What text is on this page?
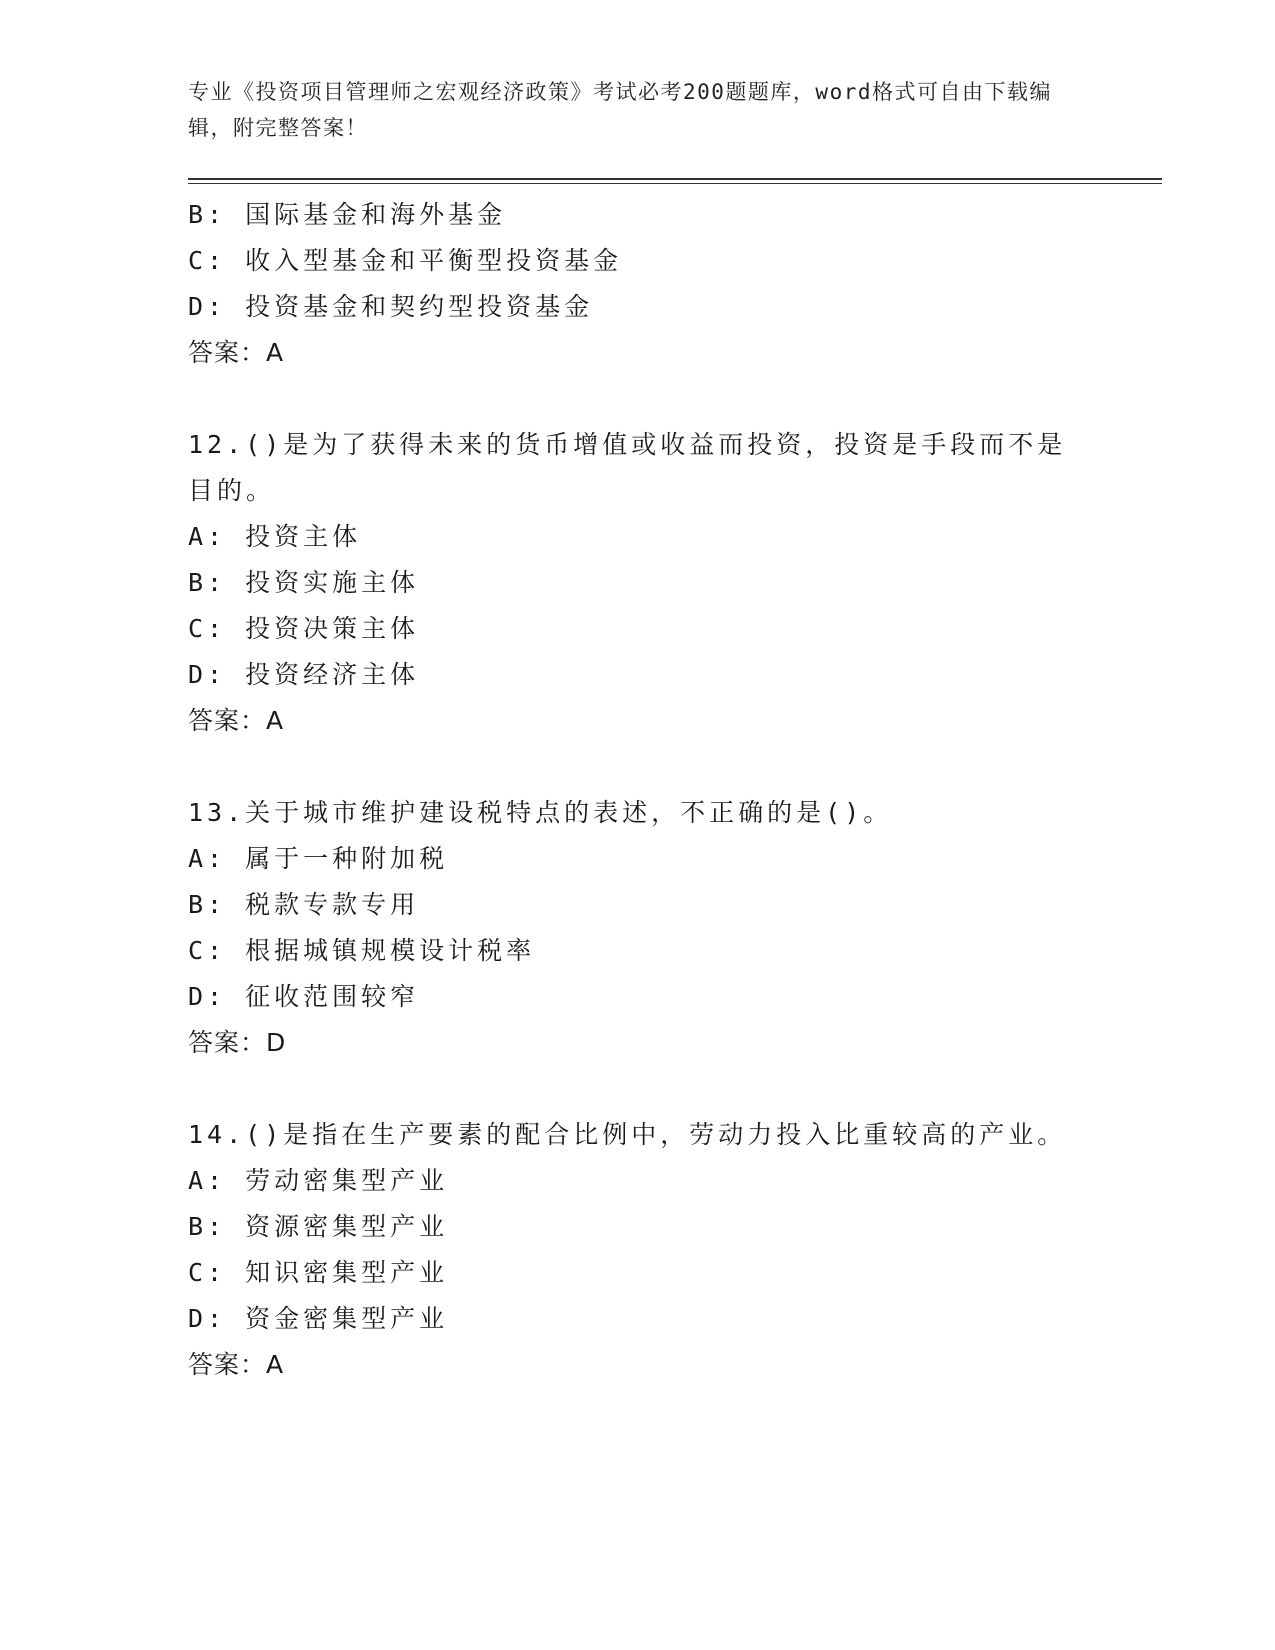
专业《投资项目管理师之宏观经济政策》考试必考200题题库，word格式可自由下载编辑，附完整答案！
B: 国际基金和海外基金
C: 收入型基金和平衡型投资基金
D: 投资基金和契约型投资基金
答案：A
12.()是为了获得未来的货币增值或收益而投资，投资是手段而不是目的。
A: 投资主体
B: 投资实施主体
C: 投资决策主体
D: 投资经济主体
答案：A
13.关于城市维护建设税特点的表述，不正确的是()。
A: 属于一种附加税
B: 税款专款专用
C: 根据城镇规模设计税率
D: 征收范围较窄
答案：D
14.()是指在生产要素的配合比例中，劳动力投入比重较高的产业。
A: 劳动密集型产业
B: 资源密集型产业
C: 知识密集型产业
D: 资金密集型产业
答案：A
